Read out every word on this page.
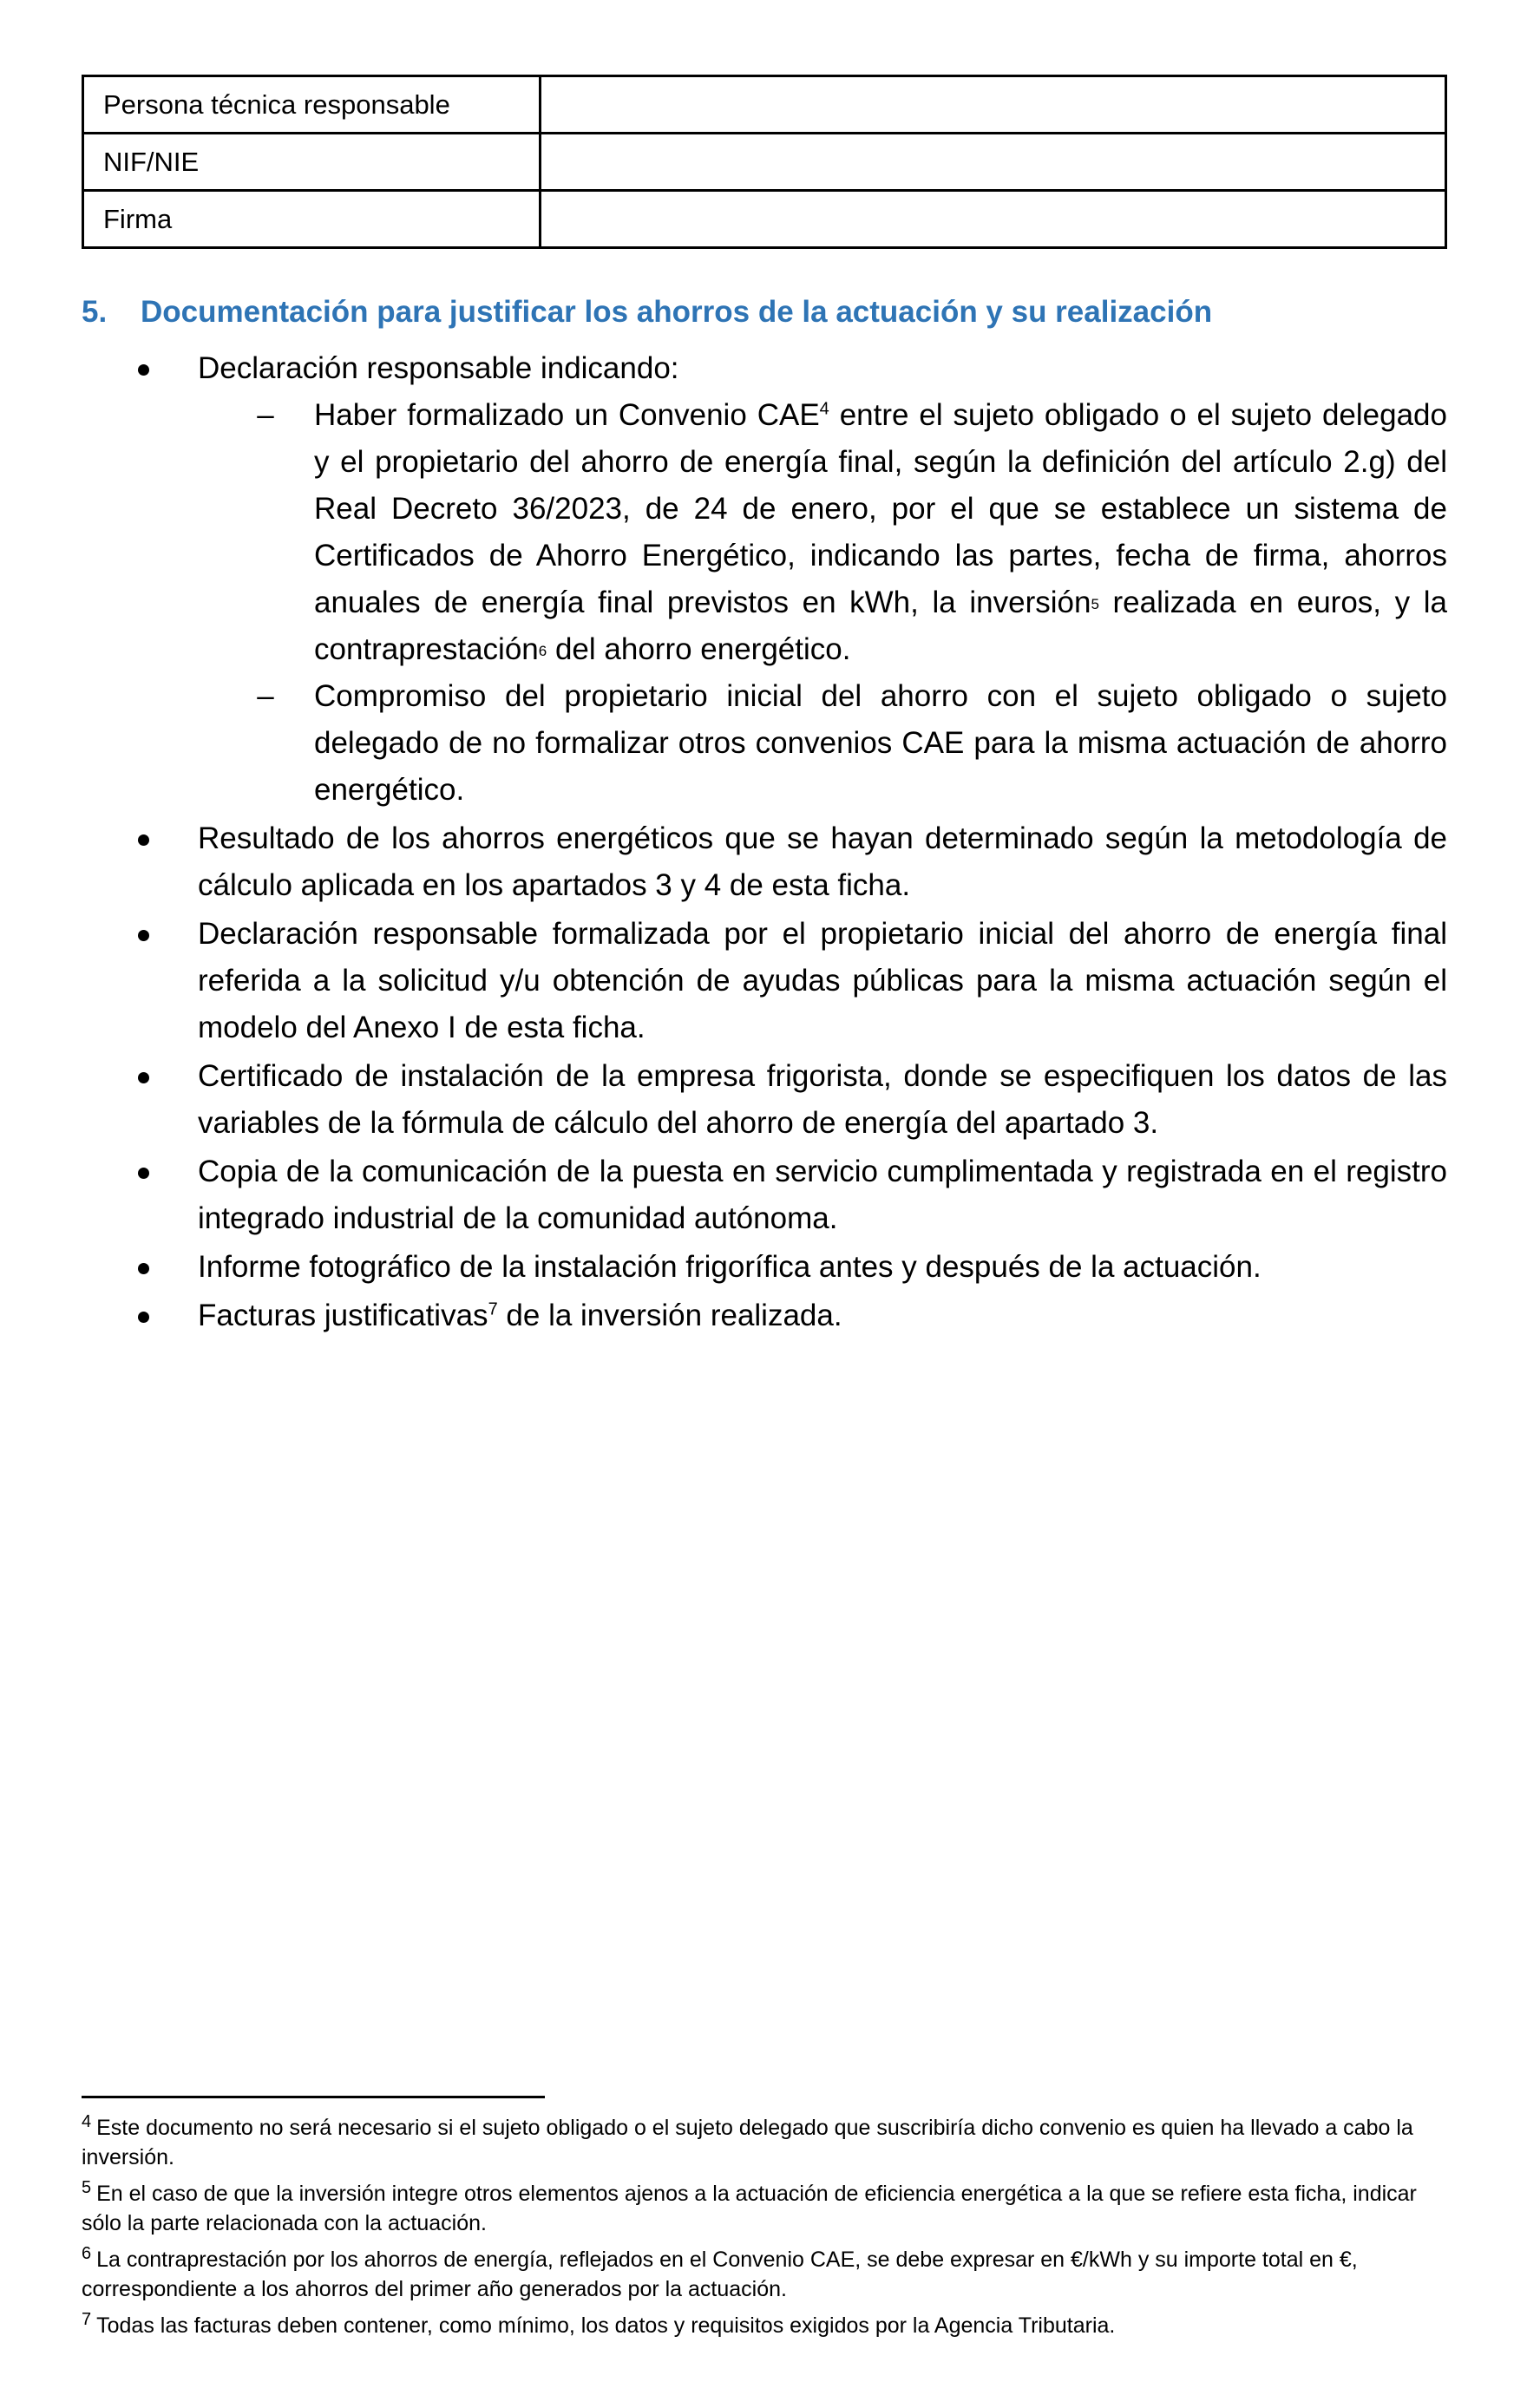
Persona técnica responsable	
NIF/NIE	
Firma	
5. Documentación para justificar los ahorros de la actuación y su realización
Declaración responsable indicando:
– Haber formalizado un Convenio CAE$^4$ entre el sujeto obligado o el sujeto delegado y el propietario del ahorro de energía final, según la definición del artículo 2.g) del Real Decreto 36/2023, de 24 de enero, por el que se establece un sistema de Certificados de Ahorro Energético, indicando las partes, fecha de firma, ahorros anuales de energía final previstos en kWh, la inversión5 realizada en euros, y la contraprestación6 del ahorro energético.
– Compromiso del propietario inicial del ahorro con el sujeto obligado o sujeto delegado de no formalizar otros convenios CAE para la misma actuación de ahorro energético.
Resultado de los ahorros energéticos que se hayan determinado según la metodología de cálculo aplicada en los apartados 3 y 4 de esta ficha.
Declaración responsable formalizada por el propietario inicial del ahorro de energía final referida a la solicitud y/u obtención de ayudas públicas para la misma actuación según el modelo del Anexo I de esta ficha.
Certificado de instalación de la empresa frigorista, donde se especifiquen los datos de las variables de la fórmula de cálculo del ahorro de energía del apartado 3.
Copia de la comunicación de la puesta en servicio cumplimentada y registrada en el registro integrado industrial de la comunidad autónoma.
Informe fotográfico de la instalación frigorífica antes y después de la actuación.
Facturas justificativas$^7$ de la inversión realizada.

$^4$ Este documento no será necesario si el sujeto obligado o el sujeto delegado que suscribiría dicho convenio es quien ha llevado a cabo la inversión.

$^5$ En el caso de que la inversión integre otros elementos ajenos a la actuación de eficiencia energética a la que se refiere esta ficha, indicar sólo la parte relacionada con la actuación.

$^6$ La contraprestación por los ahorros de energía, reflejados en el Convenio CAE, se debe expresar en €/kWh y su importe total en €, correspondiente a los ahorros del primer año generados por la actuación.

$^7$ Todas las facturas deben contener, como mínimo, los datos y requisitos exigidos por la Agencia Tributaria.
